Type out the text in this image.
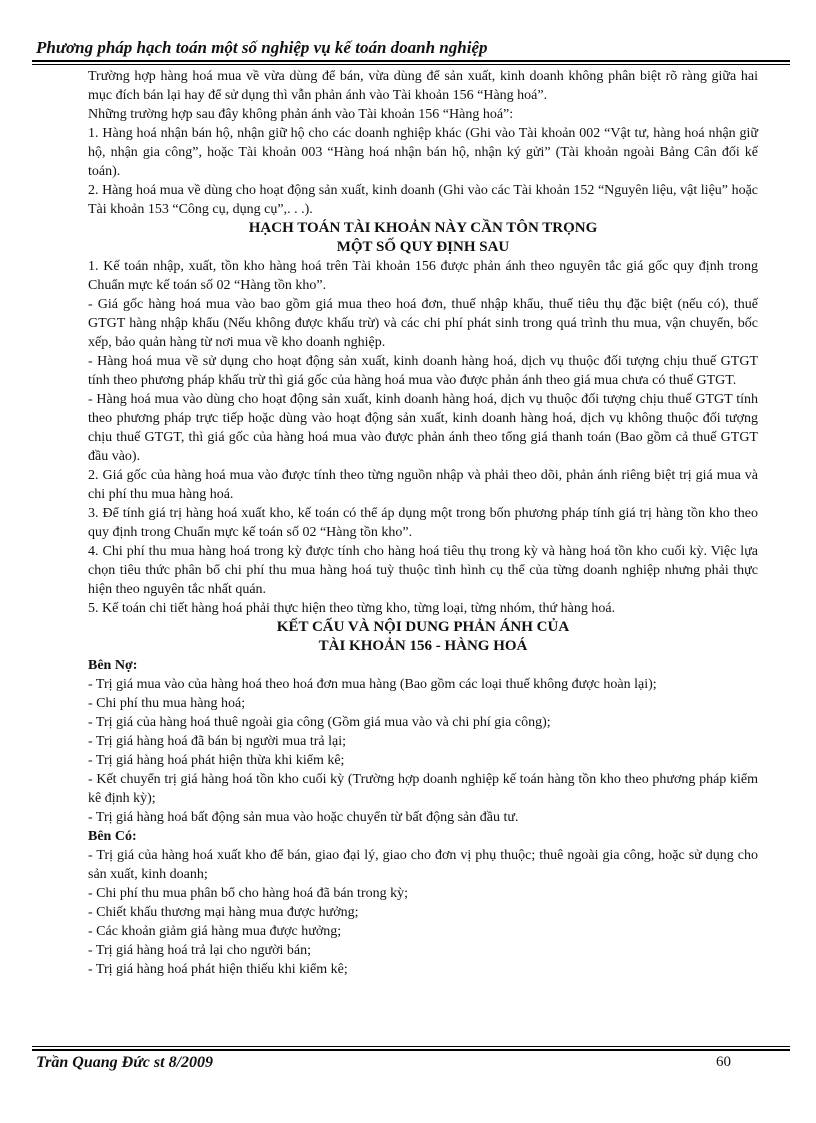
Phương pháp hạch toán một số nghiệp vụ kế toán doanh nghiệp

Trường hợp hàng hoá mua về vừa dùng để bán, vừa dùng để sản xuất, kinh doanh không phân biệt rõ ràng giữa hai mục đích bán lại hay để sử dụng thì vẫn phản ánh vào Tài khoản 156 “Hàng hoá”.

Những trường hợp sau đây không phản ánh vào Tài khoản 156 “Hàng hoá”:

1. Hàng hoá nhận bán hộ, nhận giữ hộ cho các doanh nghiệp khác (Ghi vào Tài khoản 002 “Vật tư, hàng hoá nhận giữ hộ, nhận gia công”, hoặc Tài khoản 003 “Hàng hoá nhận bán hộ, nhận ký gửi” (Tài khoản ngoài Bảng Cân đối kế toán).

2. Hàng hoá mua về dùng cho hoạt động sản xuất, kinh doanh (Ghi vào các Tài khoản 152 “Nguyên liệu, vật liệu” hoặc Tài khoản 153 “Công cụ, dụng cụ”,. . .).

HẠCH TOÁN TÀI KHOẢN NÀY CẦN TÔN TRỌNG

MỘT SỐ QUY ĐỊNH SAU

1. Kế toán nhập, xuất, tồn kho hàng hoá trên Tài khoản 156 được phản ánh theo nguyên tắc giá gốc quy định trong Chuẩn mực kế toán số 02 “Hàng tồn kho”.

- Giá gốc hàng hoá mua vào bao gồm giá mua theo hoá đơn, thuế nhập khẩu, thuế tiêu thụ đặc biệt (nếu có), thuế GTGT hàng nhập khẩu (Nếu không được khấu trừ) và các chi phí phát sinh trong quá trình thu mua, vận chuyển, bốc xếp, bảo quản hàng từ nơi mua về kho doanh nghiệp.

- Hàng hoá mua về sử dụng cho hoạt động sản xuất, kinh doanh hàng hoá, dịch vụ thuộc đối tượng chịu thuế GTGT tính theo phương pháp khấu trừ thì giá gốc của hàng hoá mua vào được phản ánh theo giá mua chưa có thuế GTGT.

- Hàng hoá mua vào dùng cho hoạt động sản xuất, kinh doanh hàng hoá, dịch vụ thuộc đối tượng chịu thuế GTGT tính theo phương pháp trực tiếp hoặc dùng vào hoạt động sản xuất, kinh doanh hàng hoá, dịch vụ không thuộc đối tượng chịu thuế GTGT, thì giá gốc của hàng hoá mua vào được phản ánh theo tổng giá thanh toán (Bao gồm cả thuế GTGT đầu vào).

2. Giá gốc của hàng hoá mua vào được tính theo từng nguồn nhập và phải theo dõi, phản ánh riêng biệt trị giá mua và chi phí thu mua hàng hoá.

3. Để tính giá trị hàng hoá xuất kho, kế toán có thể áp dụng một trong bốn phương pháp tính giá trị hàng tồn kho theo quy định trong Chuẩn mực kế toán số 02 “Hàng tồn kho”.

4. Chi phí thu mua hàng hoá trong kỳ được tính cho hàng hoá tiêu thụ trong kỳ và hàng hoá tồn kho cuối kỳ. Việc lựa chọn tiêu thức phân bổ chi phí thu mua hàng hoá tuỳ thuộc tình hình cụ thể của từng doanh nghiệp nhưng phải thực hiện theo nguyên tắc nhất quán.

5. Kế toán chi tiết hàng hoá phải thực hiện theo từng kho, từng loại, từng nhóm, thứ hàng hoá.

KẾT CẤU VÀ NỘI DUNG PHẢN ÁNH CỦA

TÀI KHOẢN 156 - HÀNG HOÁ

Bên Nợ:

- Trị giá mua vào của hàng hoá theo hoá đơn mua hàng (Bao gồm các loại thuế không được hoàn lại);

- Chi phí thu mua hàng hoá;

- Trị giá của hàng hoá thuê ngoài gia công (Gồm giá mua vào và chi phí gia công);

- Trị giá hàng hoá đã bán bị người mua trả lại;

- Trị giá hàng hoá phát hiện thừa khi kiểm kê;

- Kết chuyển trị giá hàng hoá tồn kho cuối kỳ (Trường hợp doanh nghiệp kế toán hàng tồn kho theo phương pháp kiểm kê định kỳ);

- Trị giá hàng hoá bất động sản mua vào hoặc chuyển từ bất động sản đầu tư.

Bên Có:

- Trị giá của hàng hoá xuất kho để bán, giao đại lý, giao cho đơn vị phụ thuộc; thuê ngoài gia công, hoặc sử dụng cho sản xuất, kinh doanh;

- Chi phí thu mua phân bổ cho hàng hoá đã bán trong kỳ;

- Chiết khấu thương mại hàng mua được hưởng;

- Các khoản giảm giá hàng mua được hưởng;

- Trị giá hàng hoá trả lại cho người bán;

- Trị giá hàng hoá phát hiện thiếu khi kiểm kê;

Trần Quang Đức st 8/2009	60
